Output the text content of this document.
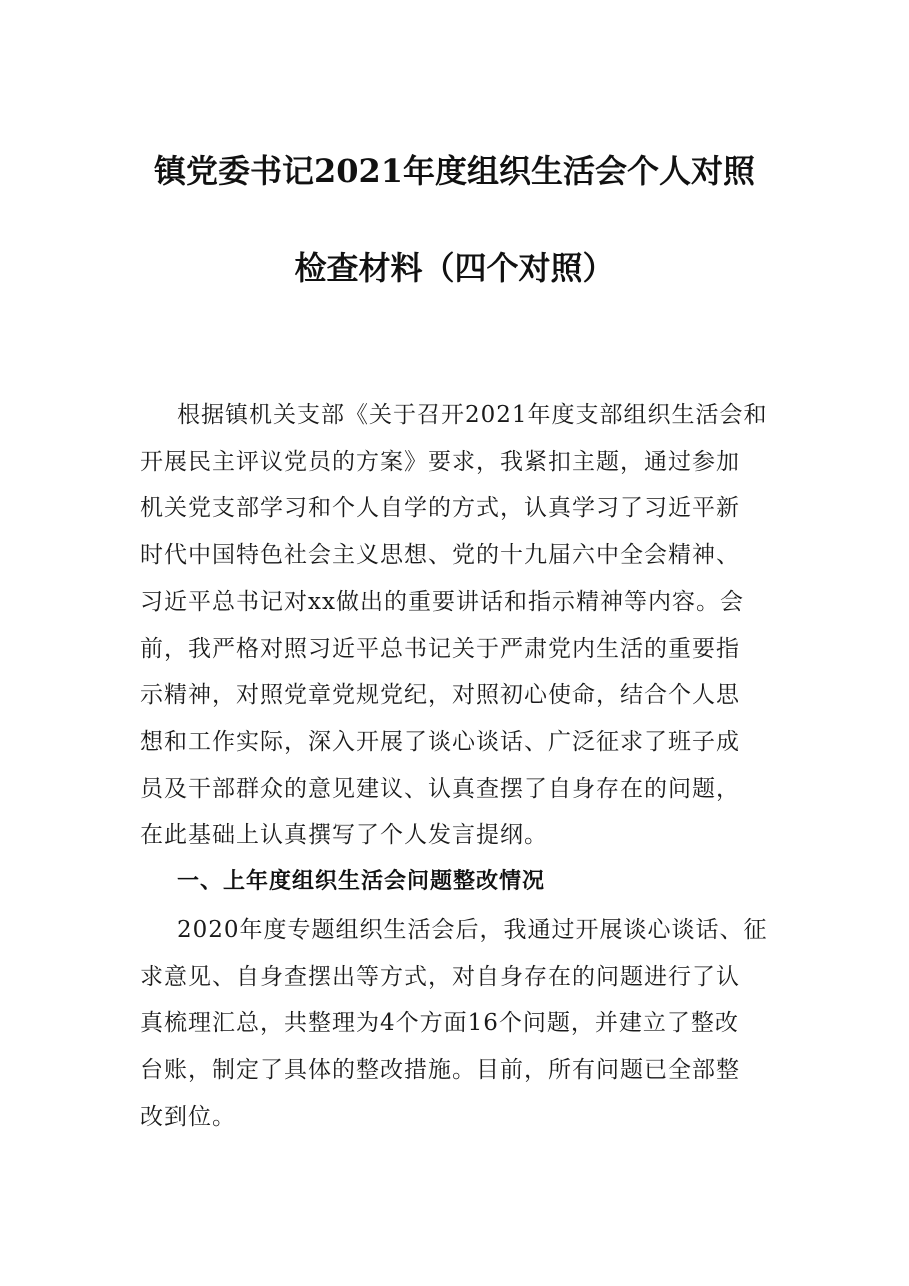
镇党委书记2021年度组织生活会个人对照
检查材料（四个对照）
根据镇机关支部《关于召开2021年度支部组织生活会和
开展民主评议党员的方案》要求，我紧扣主题，通过参加
机关党支部学习和个人自学的方式，认真学习了习近平新
时代中国特色社会主义思想、党的十九届六中全会精神、
习近平总书记对xx做出的重要讲话和指示精神等内容。会
前，我严格对照习近平总书记关于严肃党内生活的重要指
示精神，对照党章党规党纪，对照初心使命，结合个人思
想和工作实际，深入开展了谈心谈话、广泛征求了班子成
员及干部群众的意见建议、认真查摆了自身存在的问题，
在此基础上认真撰写了个人发言提纲。
一、上年度组织生活会问题整改情况
2020年度专题组织生活会后，我通过开展谈心谈话、征
求意见、自身查摆出等方式，对自身存在的问题进行了认
真梳理汇总，共整理为4个方面16个问题，并建立了整改
台账，制定了具体的整改措施。目前，所有问题已全部整
改到位。
